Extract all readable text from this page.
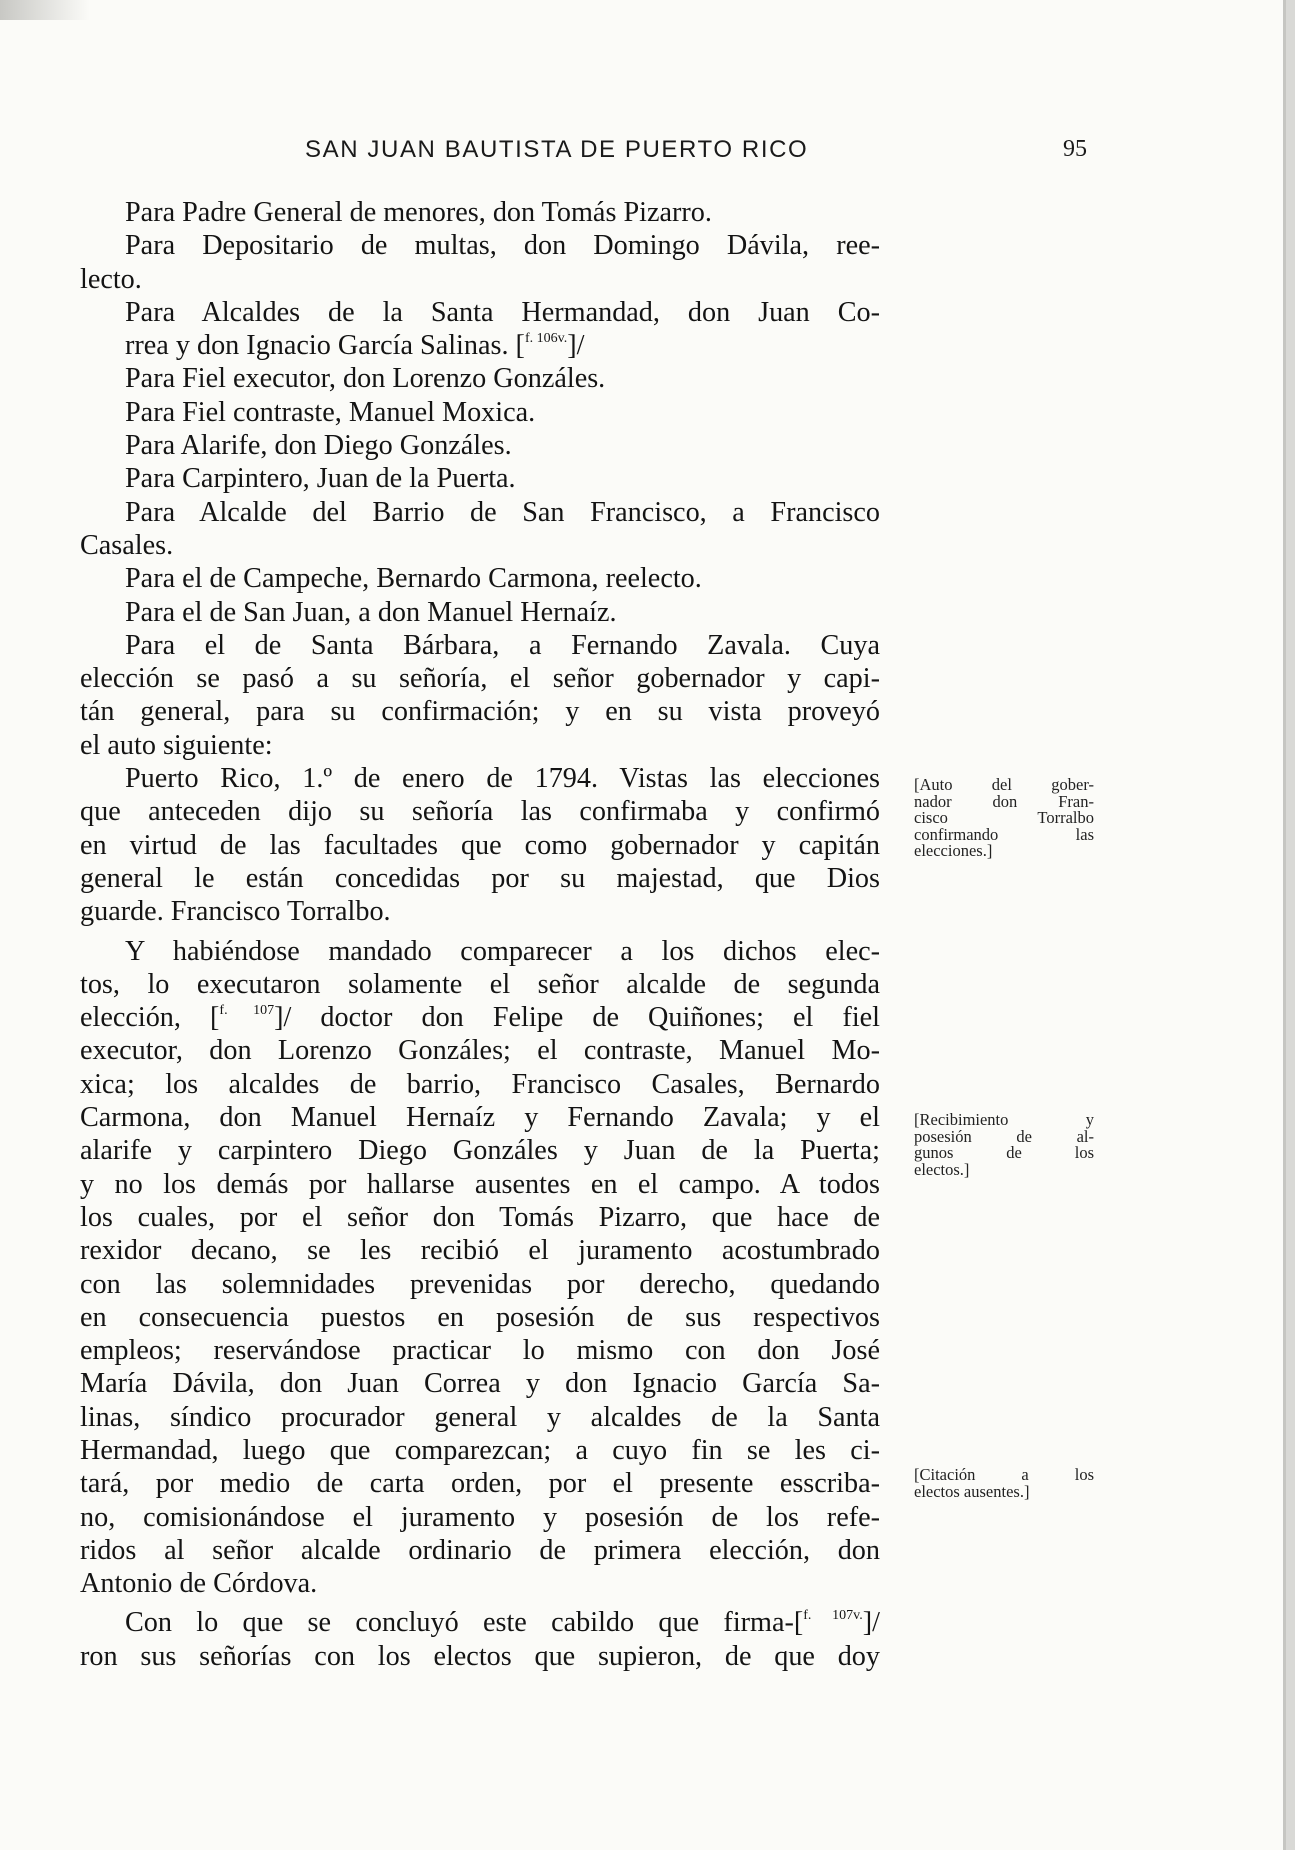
SAN JUAN BAUTISTA DE PUERTO RICO	95
Para Padre General de menores, don Tomás Pizarro.
Para Depositario de multas, don Domingo Dávila, ree-
lecto.
Para Alcaldes de la Santa Hermandad, don Juan Co-
rrea y don Ignacio García Salinas. [$^{f. 106v.}$]/
Para Fiel executor, don Lorenzo Gonzáles.
Para Fiel contraste, Manuel Moxica.
Para Alarife, don Diego Gonzáles.
Para Carpintero, Juan de la Puerta.
Para Alcalde del Barrio de San Francisco, a Francisco
Casales.
Para el de Campeche, Bernardo Carmona, reelecto.
Para el de San Juan, a don Manuel Hernaíz.
Para el de Santa Bárbara, a Fernando Zavala. Cuya
elección se pasó a su señoría, el señor gobernador y capi-
tán general, para su confirmación; y en su vista proveyó
el auto siguiente:
Puerto Rico, 1.º de enero de 1794. Vistas las elecciones
que anteceden dijo su señoría las confirmaba y confirmó
en virtud de las facultades que como gobernador y capitán
general le están concedidas por su majestad, que Dios
guarde. Francisco Torralbo.
Y habiéndose mandado comparecer a los dichos elec-
tos, lo executaron solamente el señor alcalde de segunda
elección, [$^{f. 107}$]/ doctor don Felipe de Quiñones; el fiel
executor, don Lorenzo Gonzáles; el contraste, Manuel Mo-
xica; los alcaldes de barrio, Francisco Casales, Bernardo
Carmona, don Manuel Hernaíz y Fernando Zavala; y el
alarife y carpintero Diego Gonzáles y Juan de la Puerta;
y no los demás por hallarse ausentes en el campo. A todos
los cuales, por el señor don Tomás Pizarro, que hace de
rexidor decano, se les recibió el juramento acostumbrado
con las solemnidades prevenidas por derecho, quedando
en consecuencia puestos en posesión de sus respectivos
empleos; reservándose practicar lo mismo con don José
María Dávila, don Juan Correa y don Ignacio García Sa-
linas, síndico procurador general y alcaldes de la Santa
Hermandad, luego que comparezcan; a cuyo fin se les ci-
tará, por medio de carta orden, por el presente esscriba-
no, comisionándose el juramento y posesión de los refe-
ridos al señor alcalde ordinario de primera elección, don
Antonio de Córdova.
Con lo que se concluyó este cabildo que firma-[$^{f. 107v.}$]/
ron sus señorías con los electos que supieron, de que doy
[Auto del gober-
nador don Fran-
cisco Torralbo
confirmando las
elecciones.]
[Recibimiento y
posesión de al-
gunos de los
electos.]
[Citación a los
electos ausentes.]
